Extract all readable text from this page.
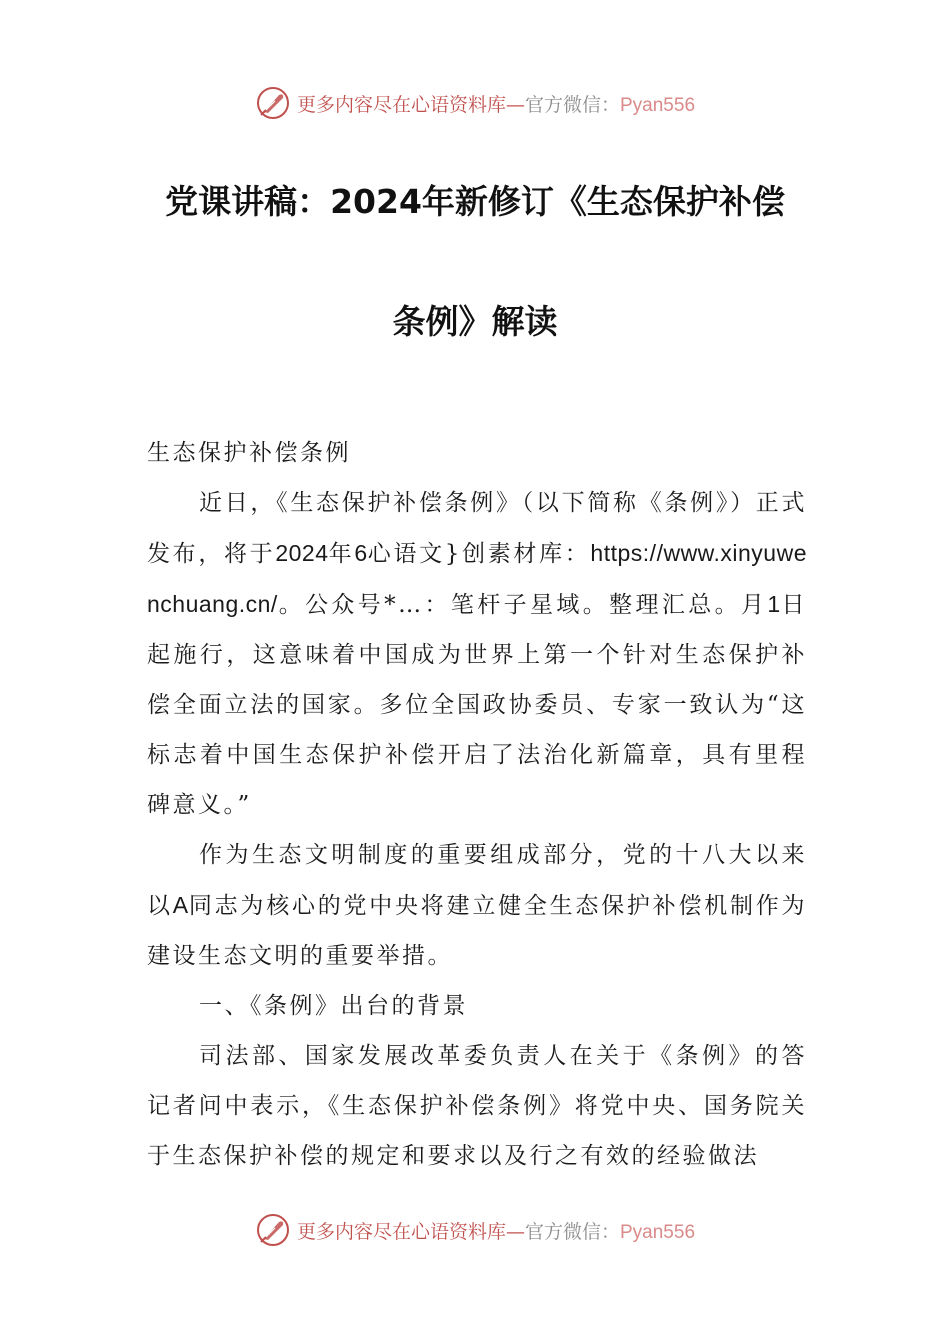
更多内容尽在心语资料库—官方微信：Pyan556
党课讲稿：2024年新修订《生态保护补偿
条例》解读

生态保护补偿条例

近日，《生态保护补偿条例》（以下简称《条例》）正式发布，将于2024年6心语文}创素材库：https://www.xinyuwenchuang.cn/。公众号*…：笔杆子星域。整理汇总。月1日起施行，这意味着中国成为世界上第一个针对生态保护补偿全面立法的国家。多位全国政协委员、专家一致认为“这标志着中国生态保护补偿开启了法治化新篇章，具有里程碑意义。”

作为生态文明制度的重要组成部分，党的十八大以来以A同志为核心的党中央将建立健全生态保护补偿机制作为建设生态文明的重要举措。

一、《条例》出台的背景

司法部、国家发展改革委负责人在关于《条例》的答记者问中表示，《生态保护补偿条例》将党中央、国务院关于生态保护补偿的规定和要求以及行之有效的经验做法

更多内容尽在心语资料库—官方微信：Pyan556
